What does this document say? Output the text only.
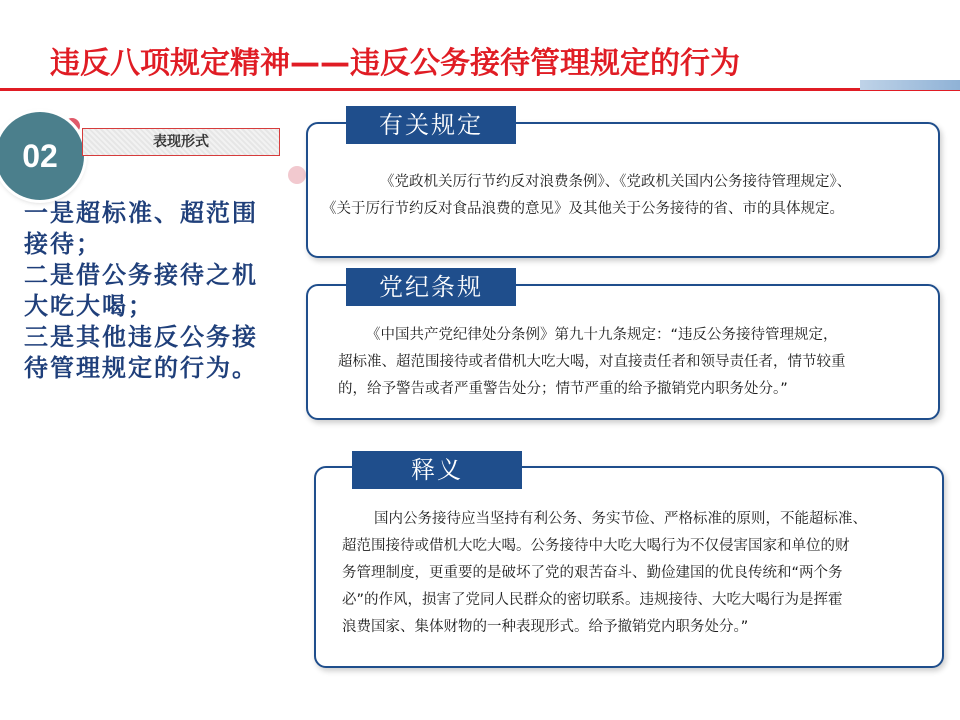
违反八项规定精神——违反公务接待管理规定的行为
02	表现形式
一是超标准、超范围
接待；
二是借公务接待之机
大吃大喝；
三是其他违反公务接
待管理规定的行为。
有关规定

《党政机关厉行节约反对浪费条例》、《党政机关国内公务接待管理规定》、

《关于厉行节约反对食品浪费的意见》及其他关于公务接待的省、市的具体规定。

党纪条规

《中国共产党纪律处分条例》第九十九条规定：“违反公务接待管理规定，

超标准、超范围接待或者借机大吃大喝，对直接责任者和领导责任者，情节较重

的，给予警告或者严重警告处分；情节严重的给予撤销党内职务处分。”

释义

国内公务接待应当坚持有利公务、务实节俭、严格标准的原则，不能超标准、

超范围接待或借机大吃大喝。公务接待中大吃大喝行为不仅侵害国家和单位的财

务管理制度，更重要的是破坏了党的艰苦奋斗、勤俭建国的优良传统和“两个务

必”的作风，损害了党同人民群众的密切联系。违规接待、大吃大喝行为是挥霍

浪费国家、集体财物的一种表现形式。给予撤销党内职务处分。”
